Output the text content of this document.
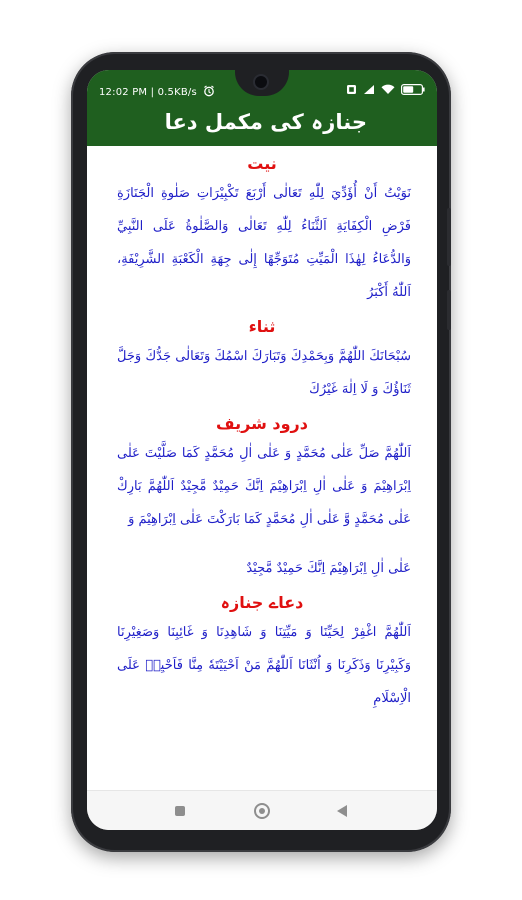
12:02 PM | 0.5KB/s
جنازہ کی مکمل دعا
نیت

نَوَيْتُ أَنْ أُؤَدِّيَ لِلّٰهِ تَعَالٰى أَرْبَعَ تَكْبِيْرَاتِ صَلٰوةِ الْجَنَازَةِ فَرْضِ الْكِفَايَةِ اَلثَّنَاءُ لِلّٰهِ تَعَالٰى وَالصَّلٰوةُ عَلَى النَّبِيِّ وَالدُّعَاءُ لِهٰذَا الْمَيِّتِ مُتَوَجِّهًا إِلٰى جِهَةِ الْكَعْبَةِ الشَّرِيْفَةِ، اَللّٰهُ أَكْبَرُ

ثناء

سُبْحَانَكَ اللّٰهُمَّ وَبِحَمْدِكَ وَتَبَارَكَ اسْمُكَ وَتَعَالٰى جَدُّكَ وَجَلَّ ثَنَاؤُكَ وَ لَا اِلٰهَ غَيْرُكَ

درود شریف

اَللّٰهُمَّ صَلِّ عَلٰى مُحَمَّدٍ وَ عَلٰى اٰلِ مُحَمَّدٍ كَمَا صَلَّيْتَ عَلٰى اِبْرَاهِيْمَ وَ عَلٰى اٰلِ اِبْرَاهِيْمَ اِنَّكَ حَمِيْدٌ مَّجِيْدٌ اَللّٰهُمَّ بَارِكْ عَلٰى مُحَمَّدٍ وَّ عَلٰى اٰلِ مُحَمَّدٍ كَمَا بَارَكْتَ عَلٰى اِبْرَاهِيْمَ وَ

عَلٰى اٰلِ اِبْرَاهِيْمَ اِنَّكَ حَمِيْدٌ مَّجِيْدٌ

دعاے جنازہ

اَللّٰهُمَّ اغْفِرْ لِحَيِّنَا وَ مَيِّتِنَا وَ شَاهِدِنَا وَ غَائِبِنَا وَصَغِيْرِنَا وَكَبِيْرِنَا وَذَكَرِنَا وَ اُنْثَانَا اَللّٰهُمَّ مَنْ اَحْيَيْتَهٗ مِنَّا فَاَحْيِهٖ عَلَى الْاِسْلَامِ
